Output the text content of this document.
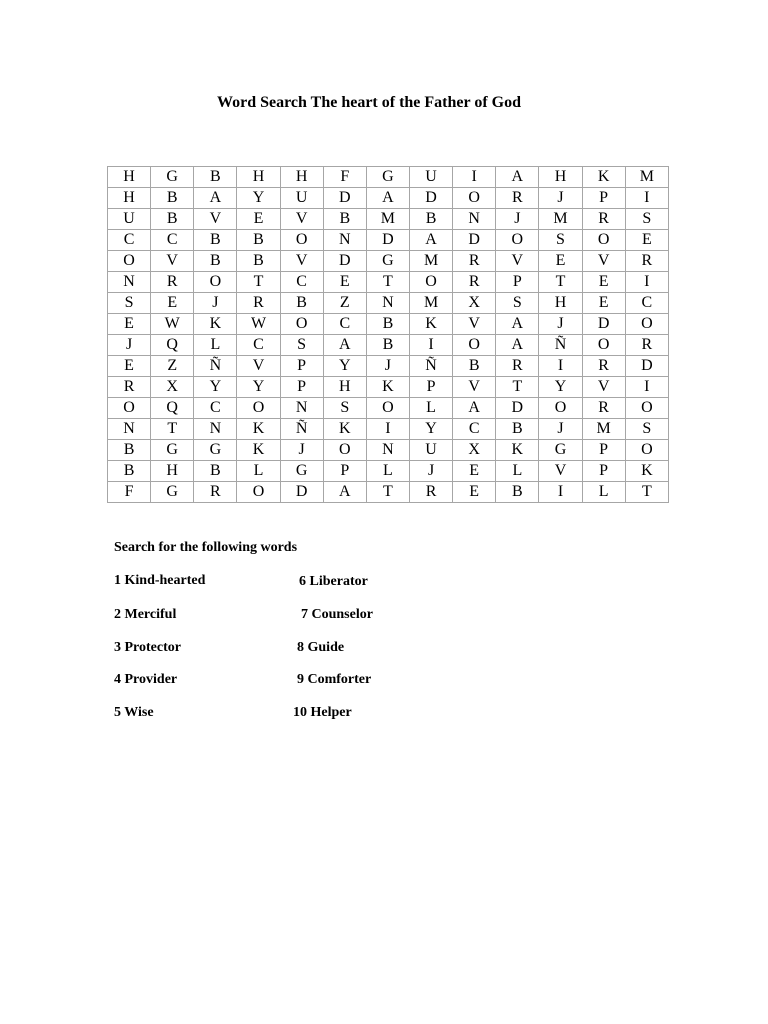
Word Search The heart of the Father of God
H	G	B	H	H	F	G	U	I	A	H	K	M
H	B	A	Y	U	D	A	D	O	R	J	P	I
U	B	V	E	V	B	M	B	N	J	M	R	S
C	C	B	B	O	N	D	A	D	O	S	O	E
O	V	B	B	V	D	G	M	R	V	E	V	R
N	R	O	T	C	E	T	O	R	P	T	E	I
S	E	J	R	B	Z	N	M	X	S	H	E	C
E	W	K	W	O	C	B	K	V	A	J	D	O
J	Q	L	C	S	A	B	I	O	A	Ñ	O	R
E	Z	Ñ	V	P	Y	J	Ñ	B	R	I	R	D
R	X	Y	Y	P	H	K	P	V	T	Y	V	I
O	Q	C	O	N	S	O	L	A	D	O	R	O
N	T	N	K	Ñ	K	I	Y	C	B	J	M	S
B	G	G	K	J	O	N	U	X	K	G	P	O
B	H	B	L	G	P	L	J	E	L	V	P	K
F	G	R	O	D	A	T	R	E	B	I	L	T

Search for the following words

1 Kind-hearted
2 Merciful
3 Protector
4 Provider
5 Wise
6 Liberator
7 Counselor
8 Guide
9 Comforter
10 Helper
